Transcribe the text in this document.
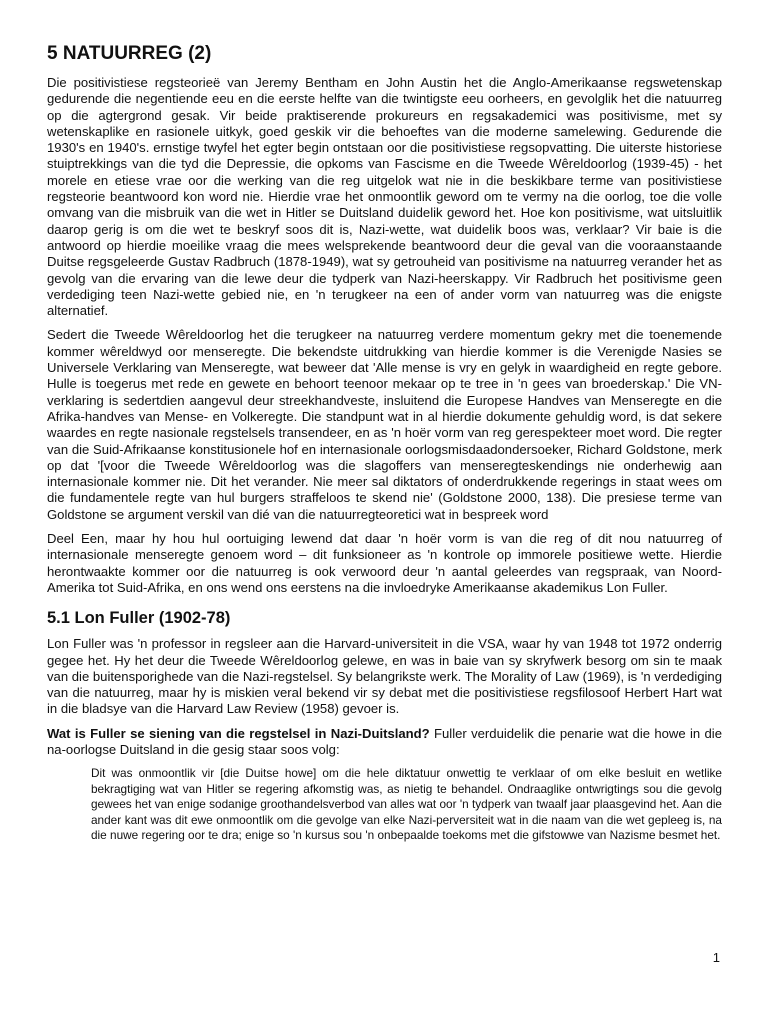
5 NATUURREG (2)

Die positivistiese regsteorieë van Jeremy Bentham en John Austin het die Anglo-Amerikaanse regswetenskap gedurende die negentiende eeu en die eerste helfte van die twintigste eeu oorheers, en gevolglik het die natuurreg op die agtergrond gesak. Vir beide praktiserende prokureurs en regsakademici was positivisme, met sy wetenskaplike en rasionele uitkyk, goed geskik vir die behoeftes van die moderne samelewing. Gedurende die 1930's en 1940's. ernstige twyfel het egter begin ontstaan oor die positivistiese regsopvatting. Die uiterste historiese stuiptrekkings van die tyd die Depressie, die opkoms van Fascisme en die Tweede Wêreldoorlog (1939-45) - het morele en etiese vrae oor die werking van die reg uitgelok wat nie in die beskikbare terme van positivistiese regsteorie beantwoord kon word nie. Hierdie vrae het onmoontlik geword om te vermy na die oorlog, toe die volle omvang van die misbruik van die wet in Hitler se Duitsland duidelik geword het. Hoe kon positivisme, wat uitsluitlik daarop gerig is om die wet te beskryf soos dit is, Nazi-wette, wat duidelik boos was, verklaar? Vir baie is die antwoord op hierdie moeilike vraag die mees welsprekende beantwoord deur die geval van die vooraanstaande Duitse regsgeleerde Gustav Radbruch (1878-1949), wat sy getrouheid van positivisme na natuurreg verander het as gevolg van die ervaring van die lewe deur die tydperk van Nazi-heerskappy. Vir Radbruch het positivisme geen verdediging teen Nazi-wette gebied nie, en 'n terugkeer na een of ander vorm van natuurreg was die enigste alternatief.

Sedert die Tweede Wêreldoorlog het die terugkeer na natuurreg verdere momentum gekry met die toenemende kommer wêreldwyd oor menseregte. Die bekendste uitdrukking van hierdie kommer is die Verenigde Nasies se Universele Verklaring van Menseregte, wat beweer dat 'Alle mense is vry en gelyk in waardigheid en regte gebore. Hulle is toegerus met rede en gewete en behoort teenoor mekaar op te tree in 'n gees van broederskap.' Die VN-verklaring is sedertdien aangevul deur streekhandveste, insluitend die Europese Handves van Menseregte en die Afrika-handves van Mense- en Volkeregte. Die standpunt wat in al hierdie dokumente gehuldig word, is dat sekere waardes en regte nasionale regstelsels transendeer, en as 'n hoër vorm van reg gerespekteer moet word. Die regter van die Suid-Afrikaanse konstitusionele hof en internasionale oorlogsmisdaadondersoeker, Richard Goldstone, merk op dat '[voor die Tweede Wêreldoorlog was die slagoffers van menseregteskendings nie onderhewig aan internasionale kommer nie. Dit het verander. Nie meer sal diktators of onderdrukkende regerings in staat wees om die fundamentele regte van hul burgers straffeloos te skend nie' (Goldstone 2000, 138). Die presiese terme van Goldstone se argument verskil van dié van die natuurregteoretici wat in bespreek word

Deel Een, maar hy hou hul oortuiging lewend dat daar 'n hoër vorm is van die reg of dit nou natuurreg of internasionale menseregte genoem word – dit funksioneer as 'n kontrole op immorele positiewe wette. Hierdie herontwaakte kommer oor die natuurreg is ook verwoord deur 'n aantal geleerdes van regspraak, van Noord-Amerika tot Suid-Afrika, en ons wend ons eerstens na die invloedryke Amerikaanse akademikus Lon Fuller.

5.1 Lon Fuller (1902-78)

Lon Fuller was 'n professor in regsleer aan die Harvard-universiteit in die VSA, waar hy van 1948 tot 1972 onderrig gegee het. Hy het deur die Tweede Wêreldoorlog gelewe, en was in baie van sy skryfwerk besorg om sin te maak van die buitensporighede van die Nazi-regstelsel. Sy belangrikste werk. The Morality of Law (1969), is 'n verdediging van die natuurreg, maar hy is miskien veral bekend vir sy debat met die positivistiese regsfilosoof Herbert Hart wat in die bladsye van die Harvard Law Review (1958) gevoer is.

Wat is Fuller se siening van die regstelsel in Nazi-Duitsland? Fuller verduidelik die penarie wat die howe in die na-oorlogse Duitsland in die gesig staar soos volg:

Dit was onmoontlik vir [die Duitse howe] om die hele diktatuur onwettig te verklaar of om elke besluit en wetlike bekragtiging wat van Hitler se regering afkomstig was, as nietig te behandel. Ondraaglike ontwrigtings sou die gevolg gewees het van enige sodanige groothandelsverbod van alles wat oor 'n tydperk van twaalf jaar plaasgevind het. Aan die ander kant was dit ewe onmoontlik om die gevolge van elke Nazi-perversiteit wat in die naam van die wet gepleeg is, na die nuwe regering oor te dra; enige so 'n kursus sou 'n onbepaalde toekoms met die gifstowwe van Nazisme besmet het.
1
